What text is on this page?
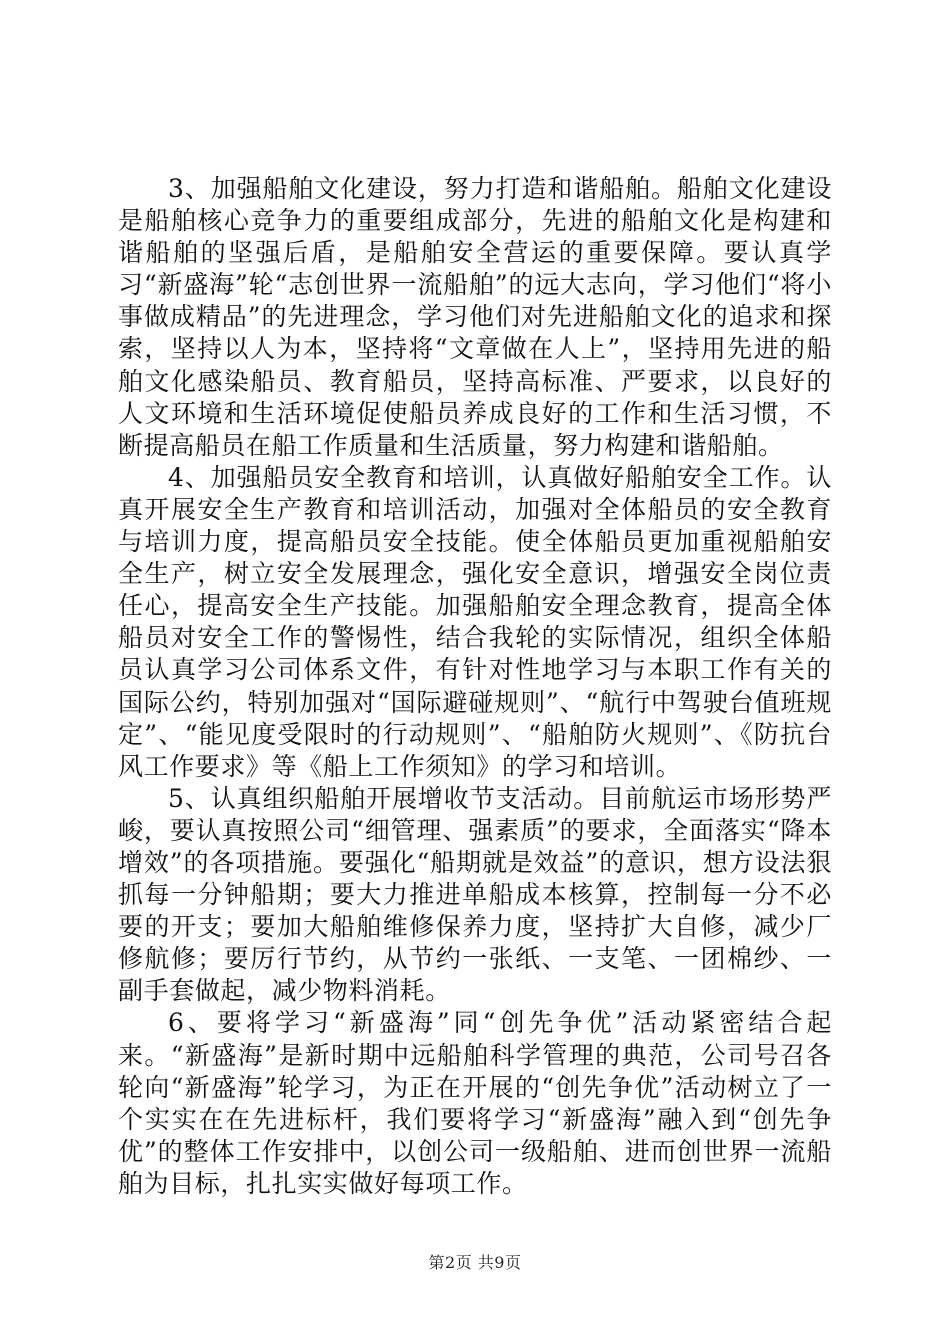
3、加强船舶文化建设，努力打造和谐船舶。船舶文化建设是船舶核心竞争力的重要组成部分，先进的船舶文化是构建和谐船舶的坚强后盾，是船舶安全营运的重要保障。要认真学习“新盛海”轮“志创世界一流船舶”的远大志向，学习他们“将小事做成精品”的先进理念，学习他们对先进船舶文化的追求和探索，坚持以人为本，坚持将“文章做在人上”，坚持用先进的船舶文化感染船员、教育船员，坚持高标准、严要求，以良好的人文环境和生活环境促使船员养成良好的工作和生活习惯，不断提高船员在船工作质量和生活质量，努力构建和谐船舶。

4、加强船员安全教育和培训，认真做好船舶安全工作。认真开展安全生产教育和培训活动，加强对全体船员的安全教育与培训力度，提高船员安全技能。使全体船员更加重视船舶安全生产，树立安全发展理念，强化安全意识，增强安全岗位责任心，提高安全生产技能。加强船舶安全理念教育，提高全体船员对安全工作的警惕性，结合我轮的实际情况，组织全体船员认真学习公司体系文件，有针对性地学习与本职工作有关的国际公约，特别加强对“国际避碰规则”、“航行中驾驶台值班规定”、“能见度受限时的行动规则”、“船舶防火规则”、《防抗台风工作要求》等《船上工作须知》的学习和培训。

5、认真组织船舶开展增收节支活动。目前航运市场形势严峻，要认真按照公司“细管理、强素质”的要求，全面落实“降本增效”的各项措施。要强化“船期就是效益”的意识，想方设法狠抓每一分钟船期；要大力推进单船成本核算，控制每一分不必要的开支；要加大船舶维修保养力度，坚持扩大自修，减少厂修航修；要厉行节约，从节约一张纸、一支笔、一团棉纱、一副手套做起，减少物料消耗。

6、要将学习“新盛海”同“创先争优”活动紧密结合起来。“新盛海”是新时期中远船舶科学管理的典范，公司号召各轮向“新盛海”轮学习，为正在开展的“创先争优”活动树立了一个实实在在先进标杆，我们要将学习“新盛海”融入到“创先争优”的整体工作安排中，以创公司一级船舶、进而创世界一流船舶为目标，扎扎实实做好每项工作。

第2页 共9页
